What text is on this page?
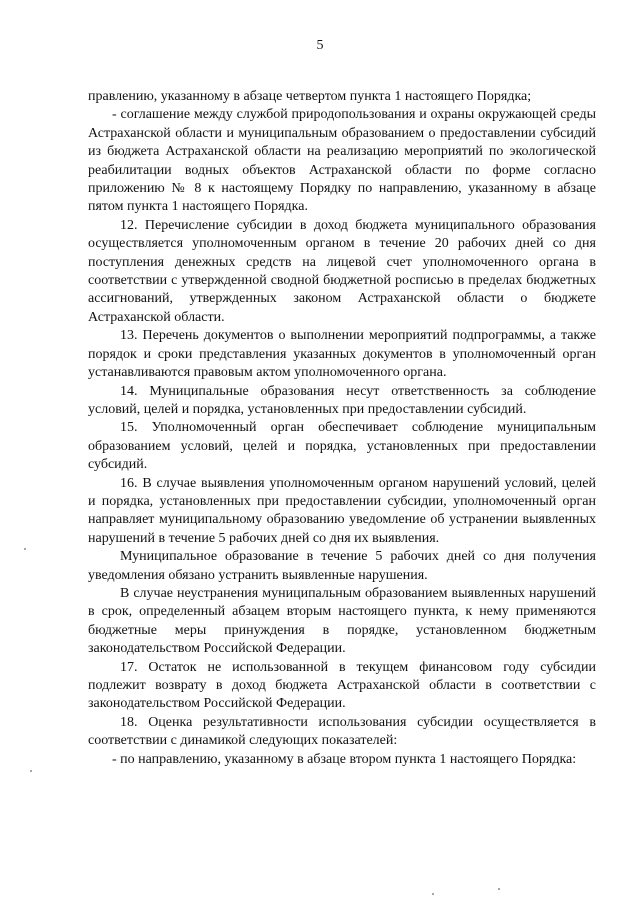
5

правлению, указанному в абзаце четвертом пункта 1 настоящего Порядка;

- соглашение между службой природопользования и охраны окружающей среды Астраханской области и муниципальным образованием о предоставлении субсидий из бюджета Астраханской области на реализацию мероприятий по экологической реабилитации водных объектов Астраханской области по форме согласно приложению № 8 к настоящему Порядку по направлению, указанному в абзаце пятом пункта 1 настоящего Порядка.

12. Перечисление субсидии в доход бюджета муниципального образования осуществляется уполномоченным органом в течение 20 рабочих дней со дня поступления денежных средств на лицевой счет уполномоченного органа в соответствии с утвержденной сводной бюджетной росписью в пределах бюджетных ассигнований, утвержденных законом Астраханской области о бюджете Астраханской области.

13. Перечень документов о выполнении мероприятий подпрограммы, а также порядок и сроки представления указанных документов в уполномоченный орган устанавливаются правовым актом уполномоченного органа.

14. Муниципальные образования несут ответственность за соблюдение условий, целей и порядка, установленных при предоставлении субсидий.

15. Уполномоченный орган обеспечивает соблюдение муниципальным образованием условий, целей и порядка, установленных при предоставлении субсидий.

16. В случае выявления уполномоченным органом нарушений условий, целей и порядка, установленных при предоставлении субсидии, уполномоченный орган направляет муниципальному образованию уведомление об устранении выявленных нарушений в течение 5 рабочих дней со дня их выявления.

Муниципальное образование в течение 5 рабочих дней со дня получения уведомления обязано устранить выявленные нарушения.

В случае неустранения муниципальным образованием выявленных нарушений в срок, определенный абзацем вторым настоящего пункта, к нему применяются бюджетные меры принуждения в порядке, установленном бюджетным законодательством Российской Федерации.

17. Остаток не использованной в текущем финансовом году субсидии подлежит возврату в доход бюджета Астраханской области в соответствии с законодательством Российской Федерации.

18. Оценка результативности использования субсидии осуществляется в соответствии с динамикой следующих показателей:

- по направлению, указанному в абзаце втором пункта 1 настоящего Порядка:
